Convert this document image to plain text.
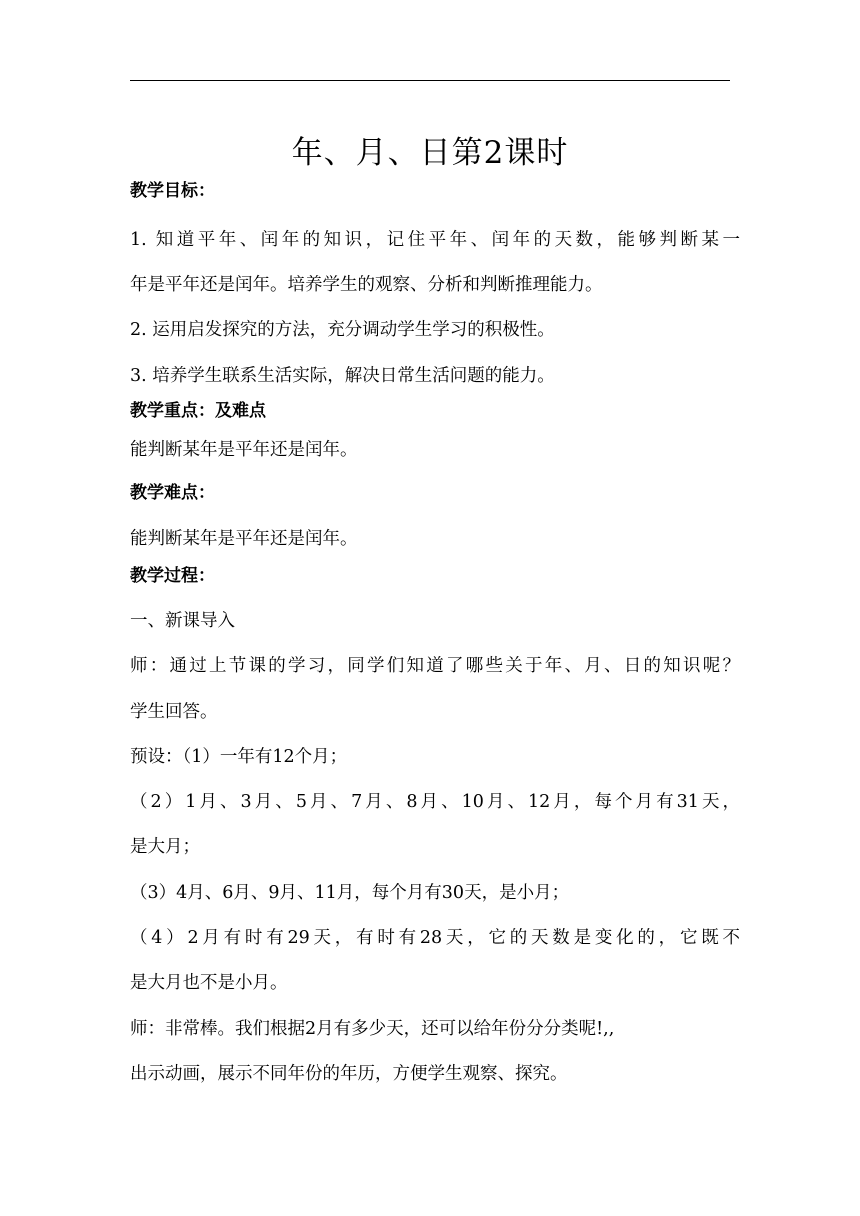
年、月、日第2课时
教学目标：
1. 知道平年、闰年的知识，记住平年、闰年的天数，能够判断某一
年是平年还是闰年。培养学生的观察、分析和判断推理能力。
2. 运用启发探究的方法，充分调动学生学习的积极性。
3. 培养学生联系生活实际，解决日常生活问题的能力。
教学重点：及难点
能判断某年是平年还是闰年。
教学难点：
能判断某年是平年还是闰年。
教学过程：
一、新课导入
师：通过上节课的学习，同学们知道了哪些关于年、月、日的知识呢？
学生回答。
预设：（1）一年有12个月；
（2）1月、3月、5月、7月、8月、10月、12月，每个月有31天，
是大月；
（3）4月、6月、9月、11月，每个月有30天，是小月；
（4）2月有时有29天，有时有28天，它的天数是变化的，它既不
是大月也不是小月。
师：非常棒。我们根据2月有多少天，还可以给年份分分类呢!,,
出示动画，展示不同年份的年历，方便学生观察、探究。
